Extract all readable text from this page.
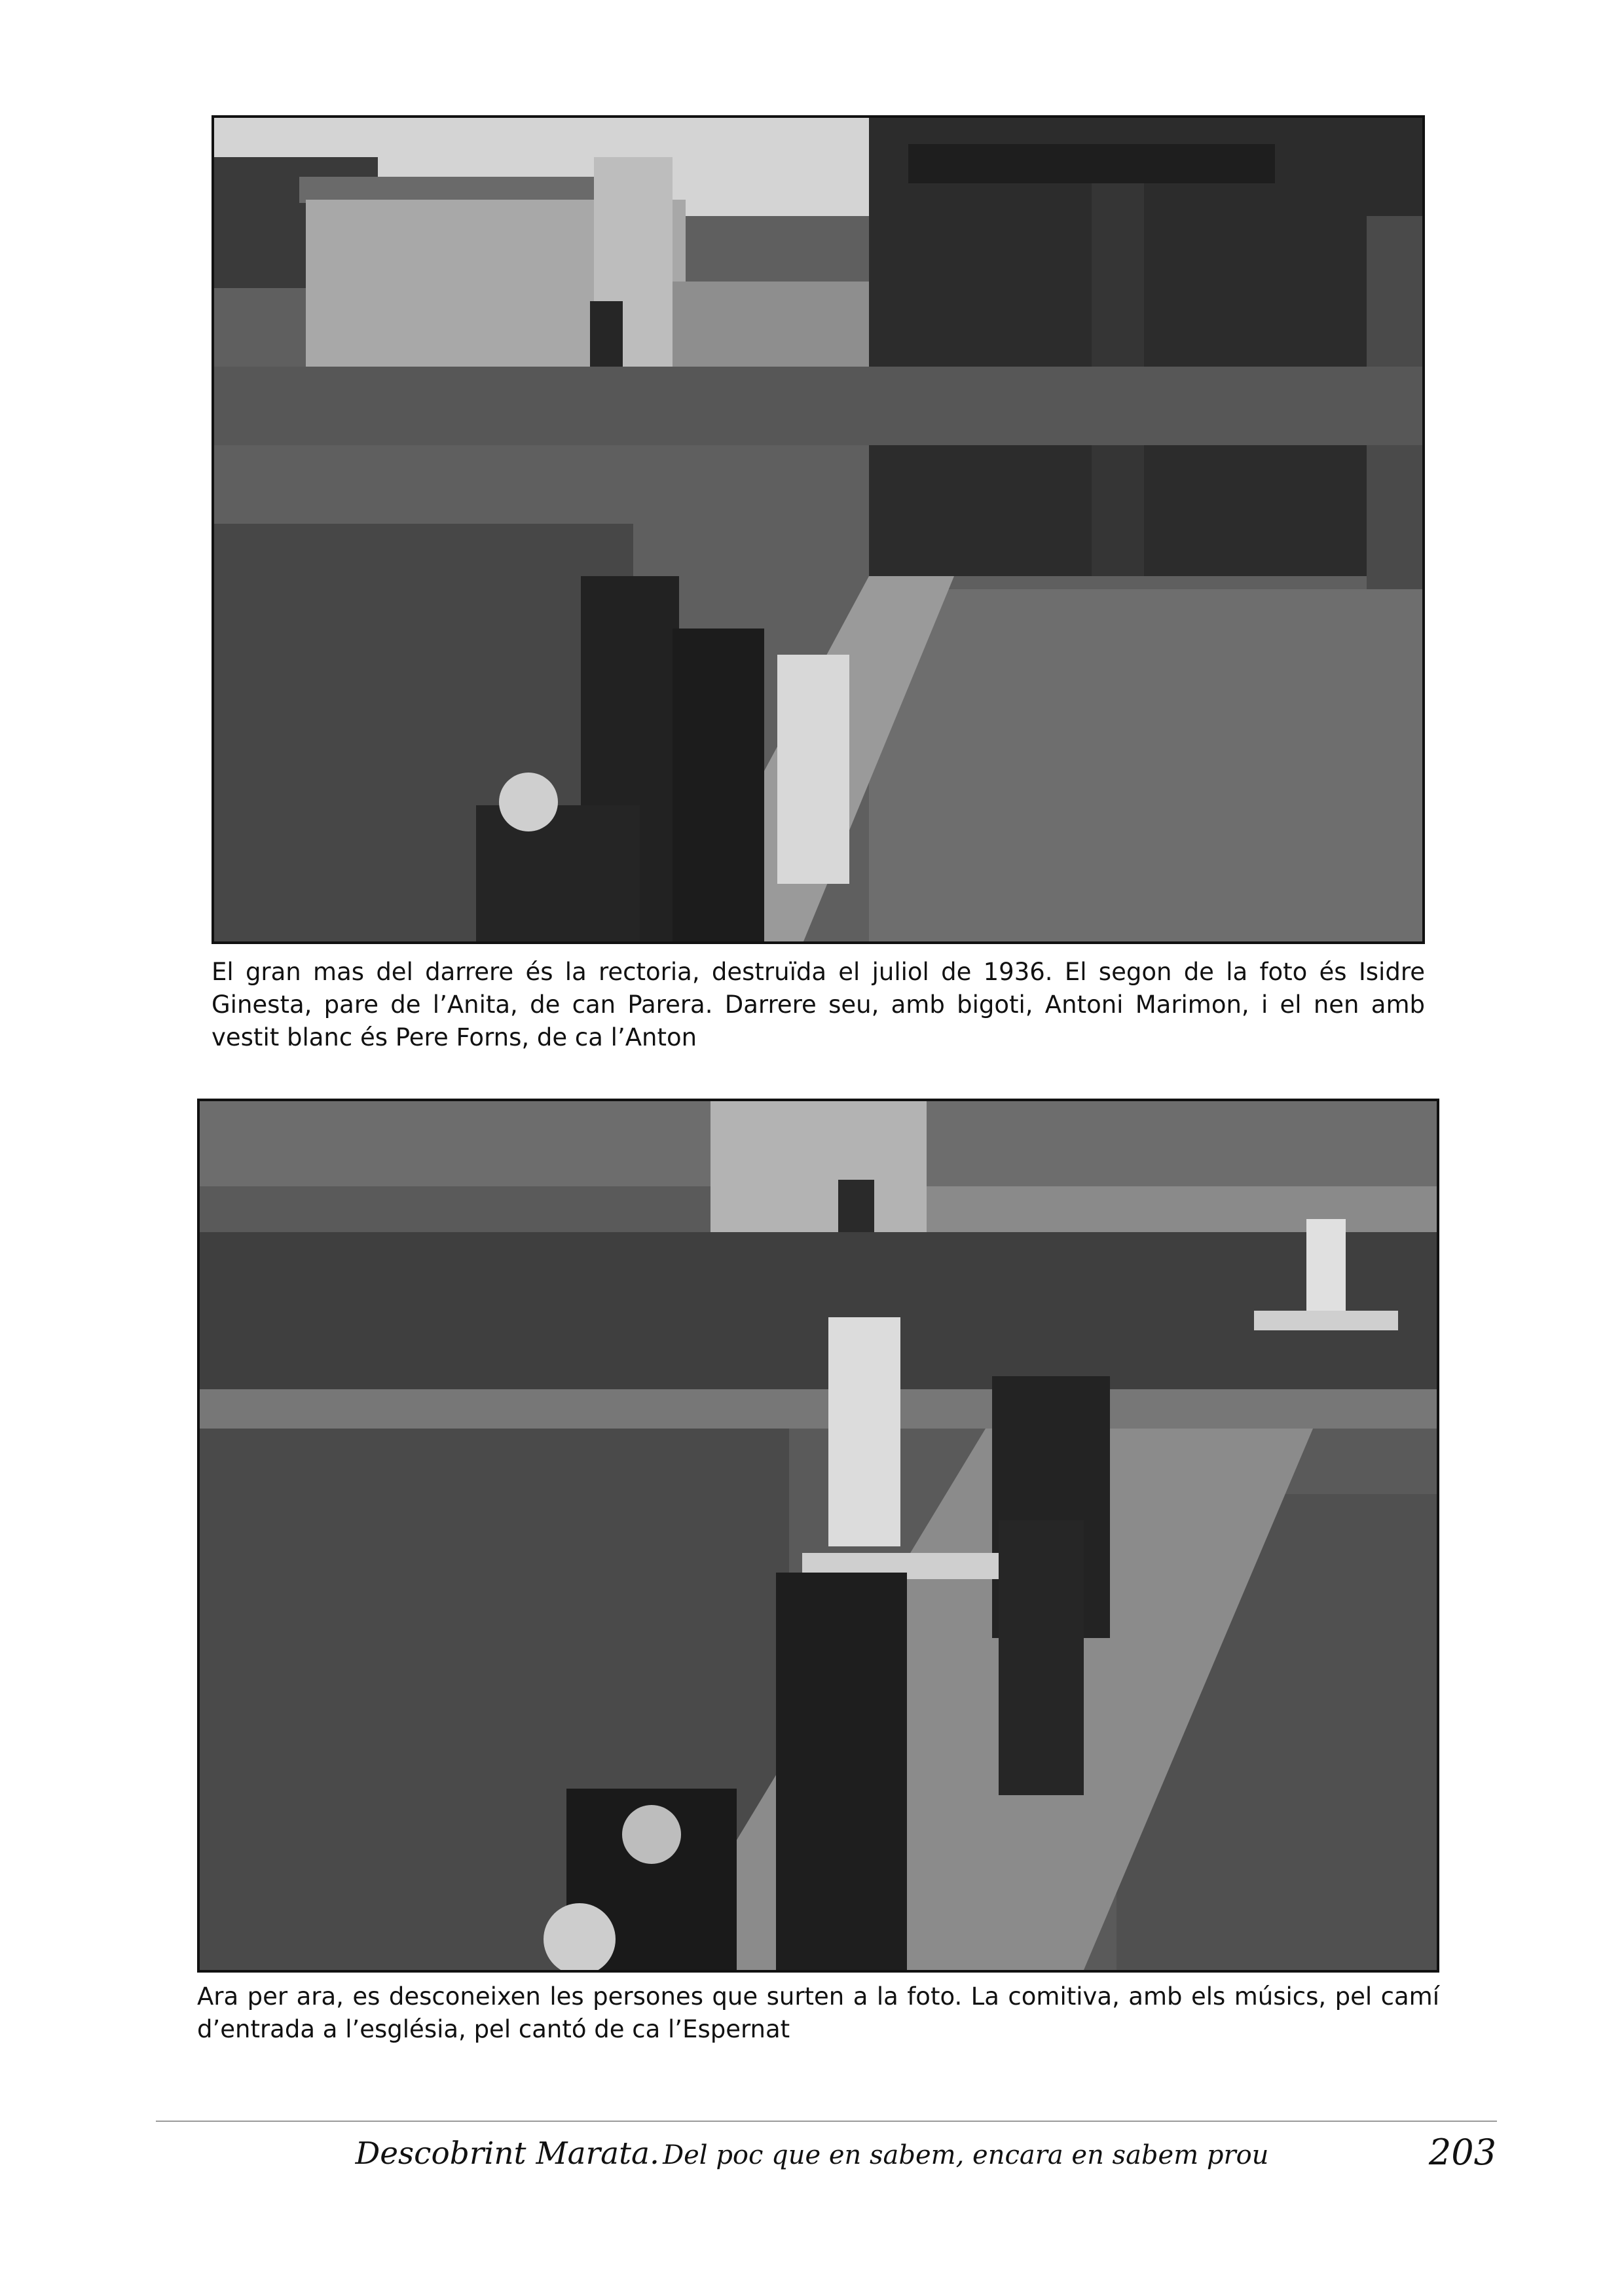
El gran mas del darrere és la rectoria, destruïda el juliol de 1936. El segon de la foto és Isidre Ginesta, pare de l’Anita, de can Parera. Darrere seu, amb bigoti, Antoni Marimon, i el nen amb vestit blanc és Pere Forns, de ca l’Anton

Ara per ara, es desconeixen les persones que surten a la foto. La comitiva, amb els músics, pel camí d’entrada a l’església, pel cantó de ca l’Espernat

Descobrint Marata. Del poc que en sabem, encara en sabem prou	203
